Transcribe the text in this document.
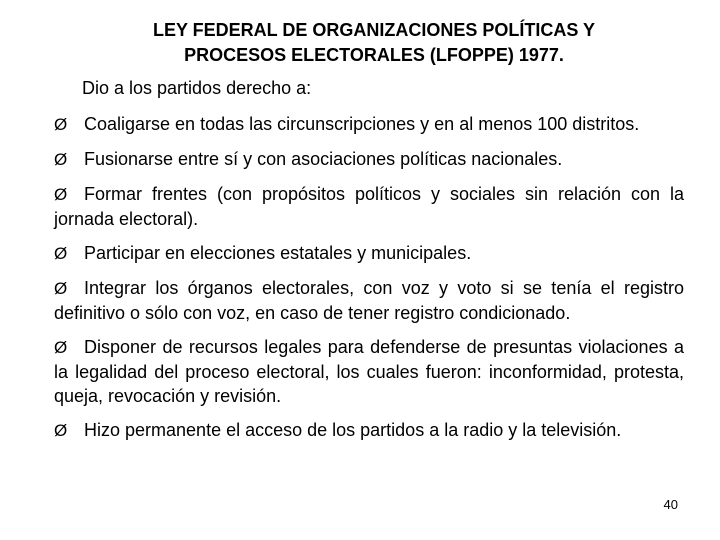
LEY FEDERAL DE ORGANIZACIONES POLÍTICAS Y
PROCESOS ELECTORALES (LFOPPE) 1977.
Dio a los partidos derecho a:
Ø Coaligarse en todas las circunscripciones y en al menos 100 distritos.
Ø Fusionarse entre sí y con asociaciones políticas nacionales.
Ø Formar frentes (con propósitos políticos y sociales sin relación con la jornada electoral).
Ø Participar en elecciones estatales y municipales.
Ø Integrar los órganos electorales, con voz y voto si se tenía el registro definitivo o sólo con voz, en caso de tener registro condicionado.
Ø Disponer de recursos legales para defenderse de presuntas violaciones a la legalidad del proceso electoral, los cuales fueron: inconformidad, protesta, queja, revocación y revisión.
Ø Hizo permanente el acceso de los partidos a la radio y la televisión.
40
